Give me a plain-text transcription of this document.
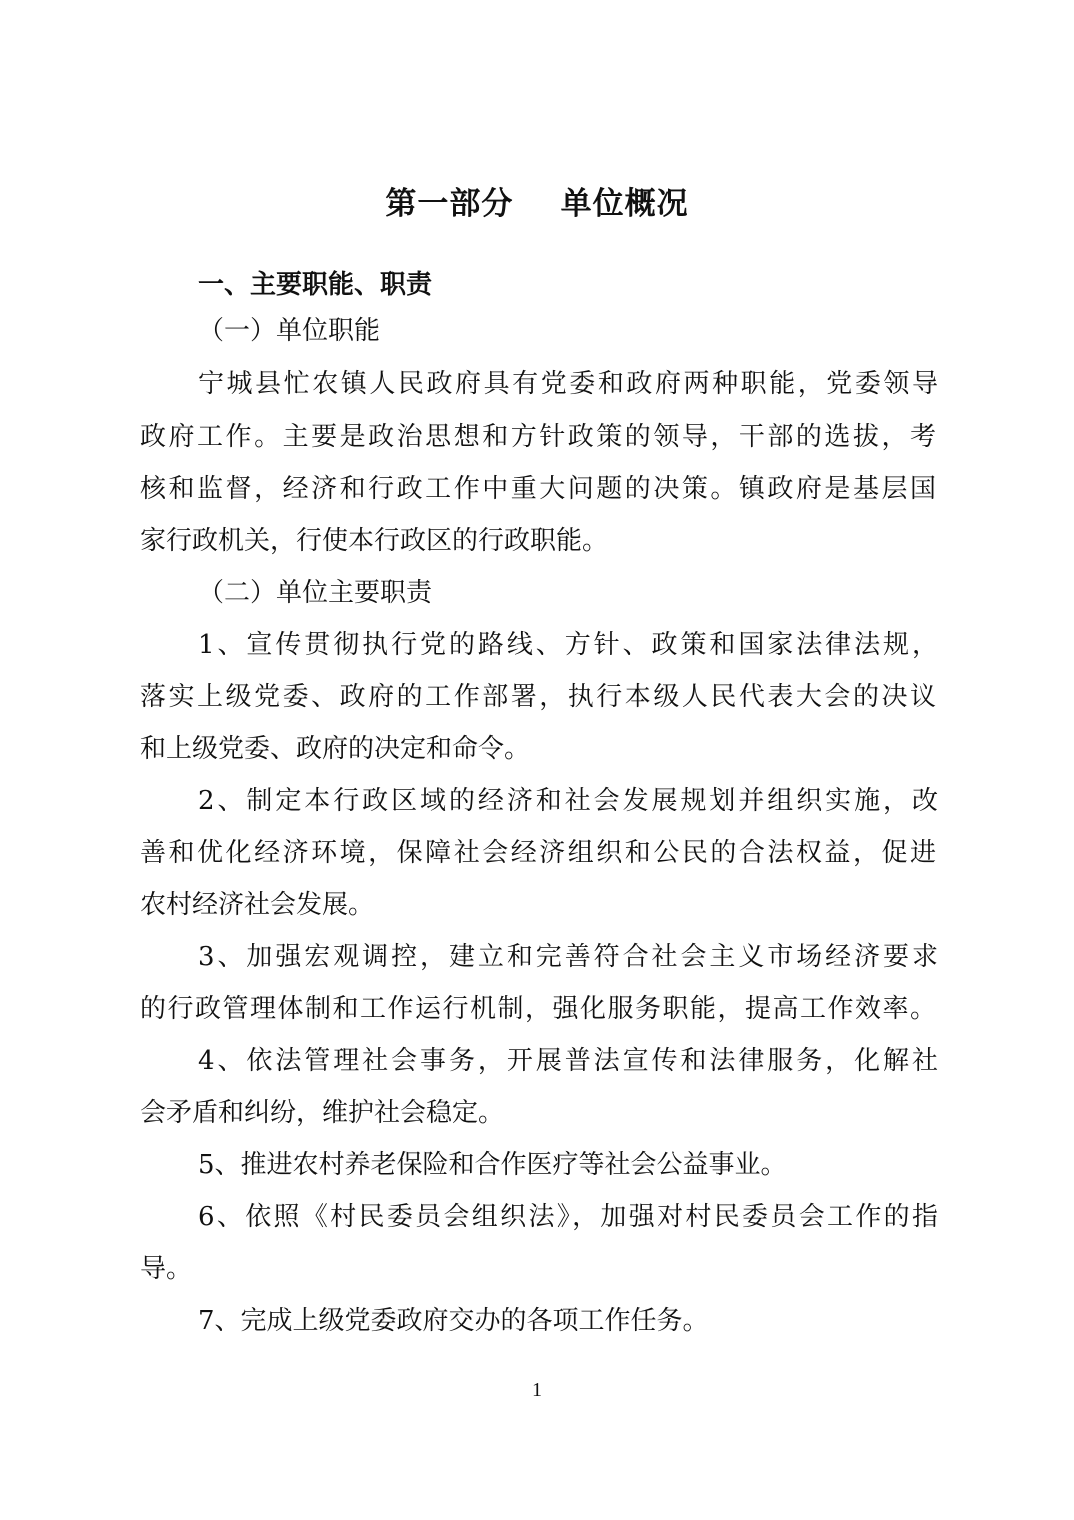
第一部分    单位概况
一、主要职能、职责
（一）单位职能
宁城县忙农镇人民政府具有党委和政府两种职能，党委领导
政府工作。主要是政治思想和方针政策的领导，干部的选拔，考
核和监督，经济和行政工作中重大问题的决策。镇政府是基层国
家行政机关，行使本行政区的行政职能。
（二）单位主要职责
1、宣传贯彻执行党的路线、方针、政策和国家法律法规，
落实上级党委、政府的工作部署，执行本级人民代表大会的决议
和上级党委、政府的决定和命令。
2、制定本行政区域的经济和社会发展规划并组织实施，改
善和优化经济环境，保障社会经济组织和公民的合法权益，促进
农村经济社会发展。
3、加强宏观调控，建立和完善符合社会主义市场经济要求
的行政管理体制和工作运行机制，强化服务职能，提高工作效率。
4、依法管理社会事务，开展普法宣传和法律服务，化解社
会矛盾和纠纷，维护社会稳定。
5、推进农村养老保险和合作医疗等社会公益事业。
6、依照《村民委员会组织法》，加强对村民委员会工作的指
导。
7、完成上级党委政府交办的各项工作任务。
1
